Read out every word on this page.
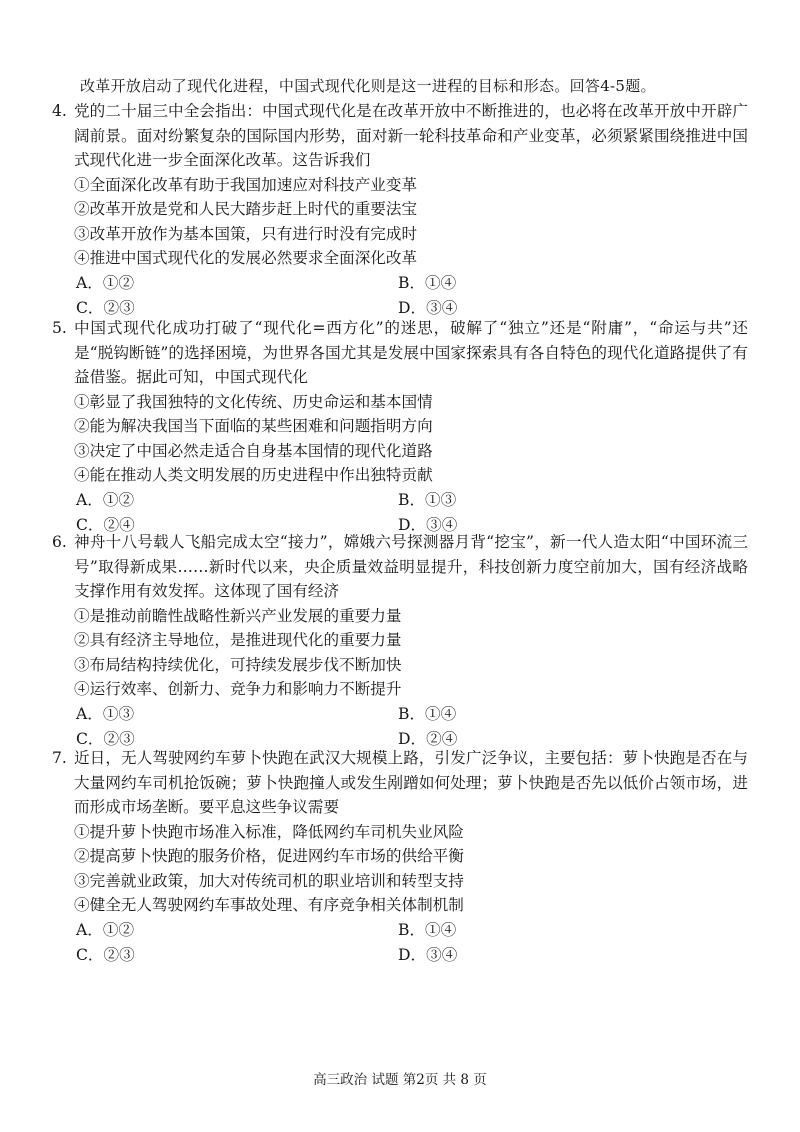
改革开放启动了现代化进程，中国式现代化则是这一进程的目标和形态。回答4-5题。
4. 党的二十届三中全会指出：中国式现代化是在改革开放中不断推进的，也必将在改革开放中开辟广阔前景。面对纷繁复杂的国际国内形势，面对新一轮科技革命和产业变革，必须紧紧围绕推进中国式现代化进一步全面深化改革。这告诉我们
①全面深化改革有助于我国加速应对科技产业变革
②改革开放是党和人民大踏步赶上时代的重要法宝
③改革开放作为基本国策，只有进行时没有完成时
④推进中国式现代化的发展必然要求全面深化改革
A．①②	B．①④
C．②③	D．③④
5. 中国式现代化成功打破了“现代化=西方化”的迷思，破解了“独立”还是“附庸”，“命运与共”还是“脱钩断链”的选择困境，为世界各国尤其是发展中国家探索具有各自特色的现代化道路提供了有益借鉴。据此可知，中国式现代化
①彰显了我国独特的文化传统、历史命运和基本国情
②能为解决我国当下面临的某些困难和问题指明方向
③决定了中国必然走适合自身基本国情的现代化道路
④能在推动人类文明发展的历史进程中作出独特贡献
A．①②	B．①③
C．②④	D．③④
6. 神舟十八号载人飞船完成太空“接力”，嫦娥六号探测器月背“挖宝”，新一代人造太阳“中国环流三号”取得新成果……新时代以来，央企质量效益明显提升，科技创新力度空前加大，国有经济战略支撑作用有效发挥。这体现了国有经济
①是推动前瞻性战略性新兴产业发展的重要力量
②具有经济主导地位，是推进现代化的重要力量
③布局结构持续优化，可持续发展步伐不断加快
④运行效率、创新力、竞争力和影响力不断提升
A．①③	B．①④
C．②③	D．②④
7. 近日，无人驾驶网约车萝卜快跑在武汉大规模上路，引发广泛争议，主要包括：萝卜快跑是否在与大量网约车司机抢饭碗；萝卜快跑撞人或发生剐蹭如何处理；萝卜快跑是否先以低价占领市场，进而形成市场垄断。要平息这些争议需要
①提升萝卜快跑市场准入标准，降低网约车司机失业风险
②提高萝卜快跑的服务价格，促进网约车市场的供给平衡
③完善就业政策，加大对传统司机的职业培训和转型支持
④健全无人驾驶网约车事故处理、有序竞争相关体制机制
A．①②	B．①④
C．②③	D．③④
高三政治 试题 第2页 共 8 页
